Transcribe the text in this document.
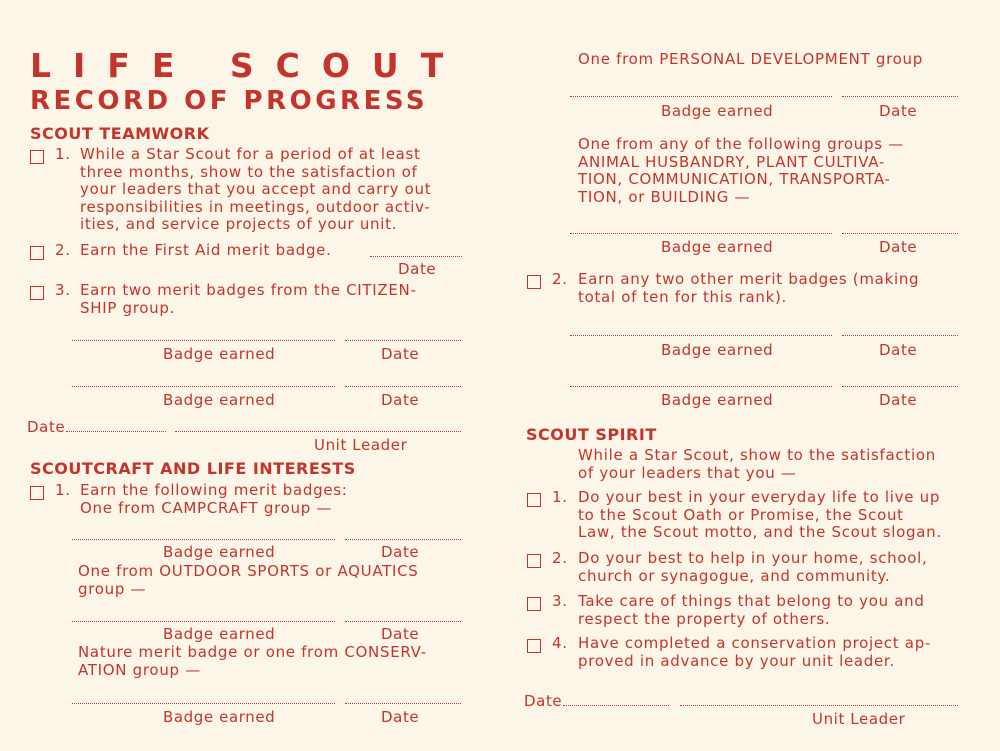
LIFE SCOUT
RECORD OF PROGRESS
SCOUT TEAMWORK
1. While a Star Scout for a period of at least
three months, show to the satisfaction of
your leaders that you accept and carry out
responsibilities in meetings, outdoor activ-
ities, and service projects of your unit.
2. Earn the First Aid merit badge.
Date
3. Earn two merit badges from the CITIZEN-
SHIP group.
Badge earned	Date
Badge earned	Date
Date
Unit Leader
SCOUTCRAFT AND LIFE INTERESTS
1. Earn the following merit badges:
One from CAMPCRAFT group —
Badge earned	Date
One from OUTDOOR SPORTS or AQUATICS
group —
Badge earned	Date
Nature merit badge or one from CONSERV-
ATION group —
Badge earned	Date
One from PERSONAL DEVELOPMENT group
Badge earned	Date
One from any of the following groups —
ANIMAL HUSBANDRY, PLANT CULTIVA-
TION, COMMUNICATION, TRANSPORTA-
TION, or BUILDING —
Badge earned	Date
2. Earn any two other merit badges (making
total of ten for this rank).
Badge earned	Date
Badge earned	Date
SCOUT SPIRIT
While a Star Scout, show to the satisfaction
of your leaders that you —
1. Do your best in your everyday life to live up
to the Scout Oath or Promise, the Scout
Law, the Scout motto, and the Scout slogan.
2. Do your best to help in your home, school,
church or synagogue, and community.
3. Take care of things that belong to you and
respect the property of others.
4. Have completed a conservation project ap-
proved in advance by your unit leader.
Date
Unit Leader
